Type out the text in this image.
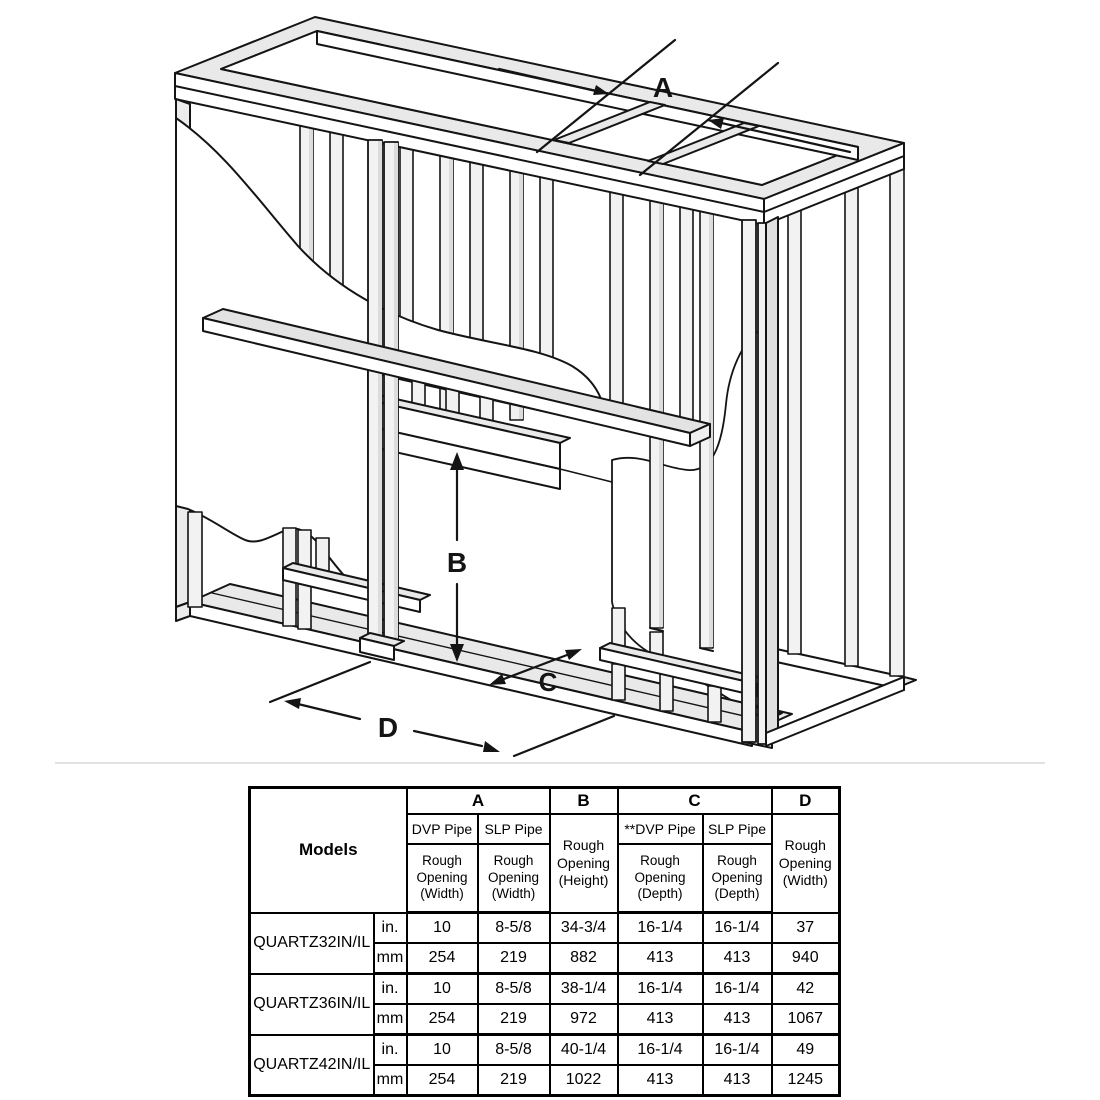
A
B
C
D
Models		A		B	C		D
		DVP Pipe	SLP Pipe	Rough Opening (Height)	**DVP Pipe	SLP Pipe	Rough Opening (Width)
		Rough Opening (Width)	Rough Opening (Width)		Rough Opening (Depth)	Rough Opening (Depth)	
QUARTZ32IN/IL	in.	10	8-5/8	34-3/4	16-1/4	16-1/4	37
	mm	254	219	882	413	413	940
QUARTZ36IN/IL	in.	10	8-5/8	38-1/4	16-1/4	16-1/4	42
	mm	254	219	972	413	413	1067
QUARTZ42IN/IL	in.	10	8-5/8	40-1/4	16-1/4	16-1/4	49
	mm	254	219	1022	413	413	1245
